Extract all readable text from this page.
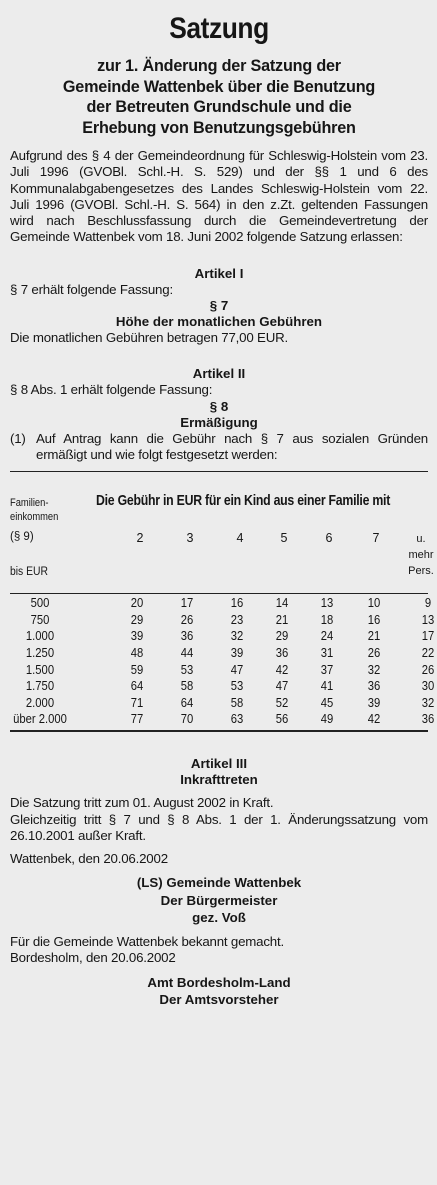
Satzung
zur 1. Änderung der Satzung der
Gemeinde Wattenbek über die Benutzung
der Betreuten Grundschule und die
Erhebung von Benutzungsgebühren

Aufgrund des § 4 der Gemeindeordnung für Schleswig-Holstein vom 23. Juli 1996 (GVOBl. Schl.-H. S. 529) und der §§ 1 und 6 des Kommunalabgabengesetzes des Landes Schleswig-Holstein vom 22. Juli 1996 (GVOBl. Schl.-H. S. 564) in den z.Zt. geltenden Fassungen wird nach Beschlussfassung durch die Gemeindevertretung der Gemeinde Wattenbek vom 18. Juni 2002 folgende Satzung erlassen:

Artikel I

§ 7 erhält folgende Fassung:

§ 7

Höhe der monatlichen Gebühren

Die monatlichen Gebühren betragen 77,00 EUR.

Artikel II

§ 8 Abs. 1 erhält folgende Fassung:

§ 8

Ermäßigung

(1) Auf Antrag kann die Gebühr nach § 7 aus sozialen Gründen ermäßigt und wie folgt festgesetzt werden:
Familien-
einkommen
Die Gebühr in EUR für ein Kind aus einer Familie mit
(§ 9)
bis EUR
2	3	4	5	6	7	u.
mehr
Pers.
500	20	17	16	14	13	10	9
750	29	26	23	21	18	16	13
1.000	39	36	32	29	24	21	17
1.250	48	44	39	36	31	26	22
1.500	59	53	47	42	37	32	26
1.750	64	58	53	47	41	36	30
2.000	71	64	58	52	45	39	32
über 2.000	77	70	63	56	49	42	36

Artikel III

Inkrafttreten

Die Satzung tritt zum 01. August 2002 in Kraft.

Gleichzeitig tritt § 7 und § 8 Abs. 1 der 1. Änderungssatzung vom 26.10.2001 außer Kraft.

Wattenbek, den 20.06.2002

(LS) Gemeinde Wattenbek

Der Bürgermeister

gez. Voß

Für die Gemeinde Wattenbek bekannt gemacht.

Bordesholm, den 20.06.2002

Amt Bordesholm-Land

Der Amtsvorsteher
